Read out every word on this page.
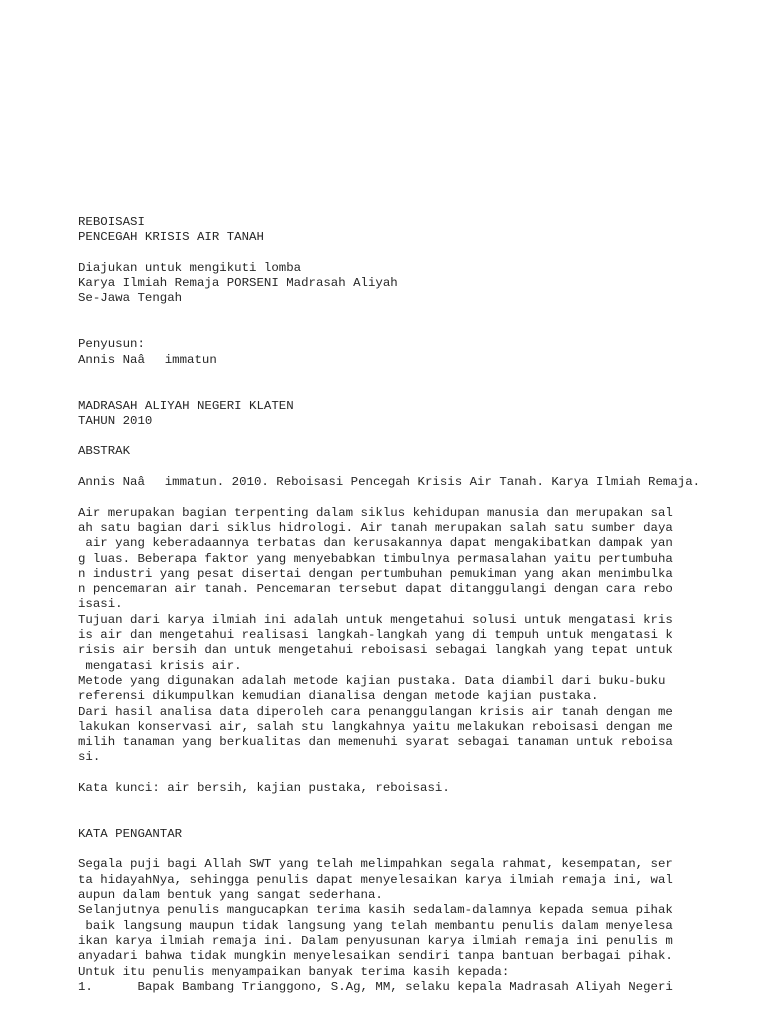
REBOISASI
PENCEGAH KRISIS AIR TANAH
Diajukan untuk mengikuti lomba
Karya Ilmiah Remaja PORSENI Madrasah Aliyah
Se-Jawa Tengah
Penyusun:
Annis Naâimmatun
MADRASAH ALIYAH NEGERI KLATEN
TAHUN 2010
ABSTRAK
Annis Naâimmatun. 2010. Reboisasi Pencegah Krisis Air Tanah. Karya Ilmiah Remaja.
Air merupakan bagian terpenting dalam siklus kehidupan manusia dan merupakan sal
ah satu bagian dari siklus hidrologi. Air tanah merupakan salah satu sumber daya
air yang keberadaannya terbatas dan kerusakannya dapat mengakibatkan dampak yan
g luas. Beberapa faktor yang menyebabkan timbulnya permasalahan yaitu pertumbuha
n industri yang pesat disertai dengan pertumbuhan pemukiman yang akan menimbulka
n pencemaran air tanah. Pencemaran tersebut dapat ditanggulangi dengan cara rebo
isasi.
Tujuan dari karya ilmiah ini adalah untuk mengetahui solusi untuk mengatasi kris
is air dan mengetahui realisasi langkah-langkah yang di tempuh untuk mengatasi k
risis air bersih dan untuk mengetahui reboisasi sebagai langkah yang tepat untuk
mengatasi krisis air.
Metode yang digunakan adalah metode kajian pustaka. Data diambil dari buku-buku
referensi dikumpulkan kemudian dianalisa dengan metode kajian pustaka.
Dari hasil analisa data diperoleh cara penanggulangan krisis air tanah dengan me
lakukan konservasi air, salah stu langkahnya yaitu melakukan reboisasi dengan me
milih tanaman yang berkualitas dan memenuhi syarat sebagai tanaman untuk reboisa
si.
Kata kunci: air bersih, kajian pustaka, reboisasi.
KATA PENGANTAR
Segala puji bagi Allah SWT yang telah melimpahkan segala rahmat, kesempatan, ser
ta hidayahNya, sehingga penulis dapat menyelesaikan karya ilmiah remaja ini, wal
aupun dalam bentuk yang sangat sederhana.
Selanjutnya penulis mangucapkan terima kasih sedalam-dalamnya kepada semua pihak
baik langsung maupun tidak langsung yang telah membantu penulis dalam menyelesa
ikan karya ilmiah remaja ini. Dalam penyusunan karya ilmiah remaja ini penulis m
anyadari bahwa tidak mungkin menyelesaikan sendiri tanpa bantuan berbagai pihak.
Untuk itu penulis menyampaikan banyak terima kasih kepada:
1.      Bapak Bambang Trianggono, S.Ag, MM, selaku kepala Madrasah Aliyah Negeri
